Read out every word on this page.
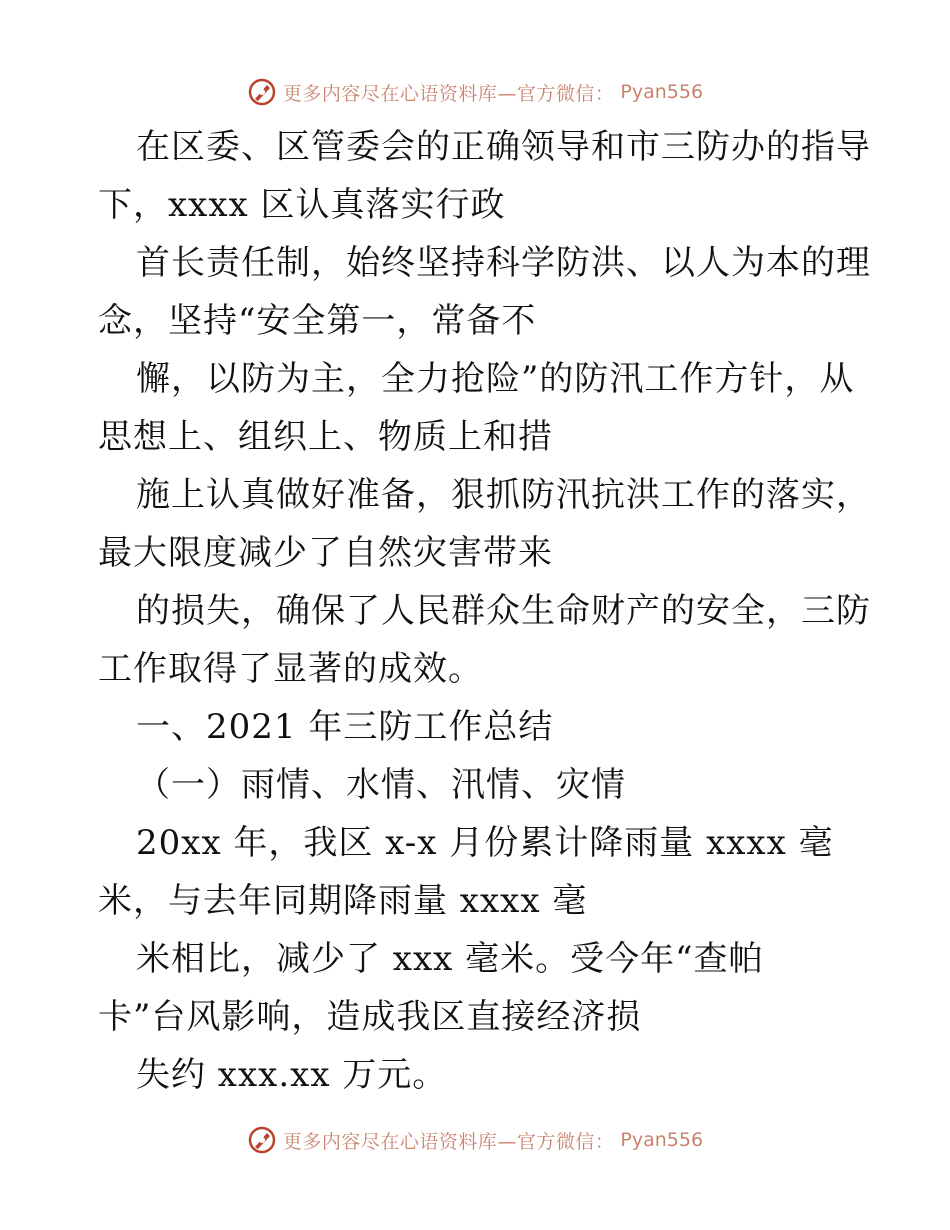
更多内容尽在心语资料库—官方微信： Pyan556
在区委、区管委会的正确领导和市三防办的指导
下，xxxx 区认真落实行政
首长责任制，始终坚持科学防洪、以人为本的理
念，坚持“安全第一，常备不
懈，以防为主，全力抢险”的防汛工作方针，从
思想上、组织上、物质上和措
施上认真做好准备，狠抓防汛抗洪工作的落实，
最大限度减少了自然灾害带来
的损失，确保了人民群众生命财产的安全，三防
工作取得了显著的成效。
一、2021 年三防工作总结
（一）雨情、水情、汛情、灾情
20xx 年，我区 x-x 月份累计降雨量 xxxx 毫
米，与去年同期降雨量 xxxx 毫
米相比，减少了 xxx 毫米。受今年“查帕
卡”台风影响，造成我区直接经济损
失约 xxx.xx 万元。
更多内容尽在心语资料库—官方微信： Pyan556
